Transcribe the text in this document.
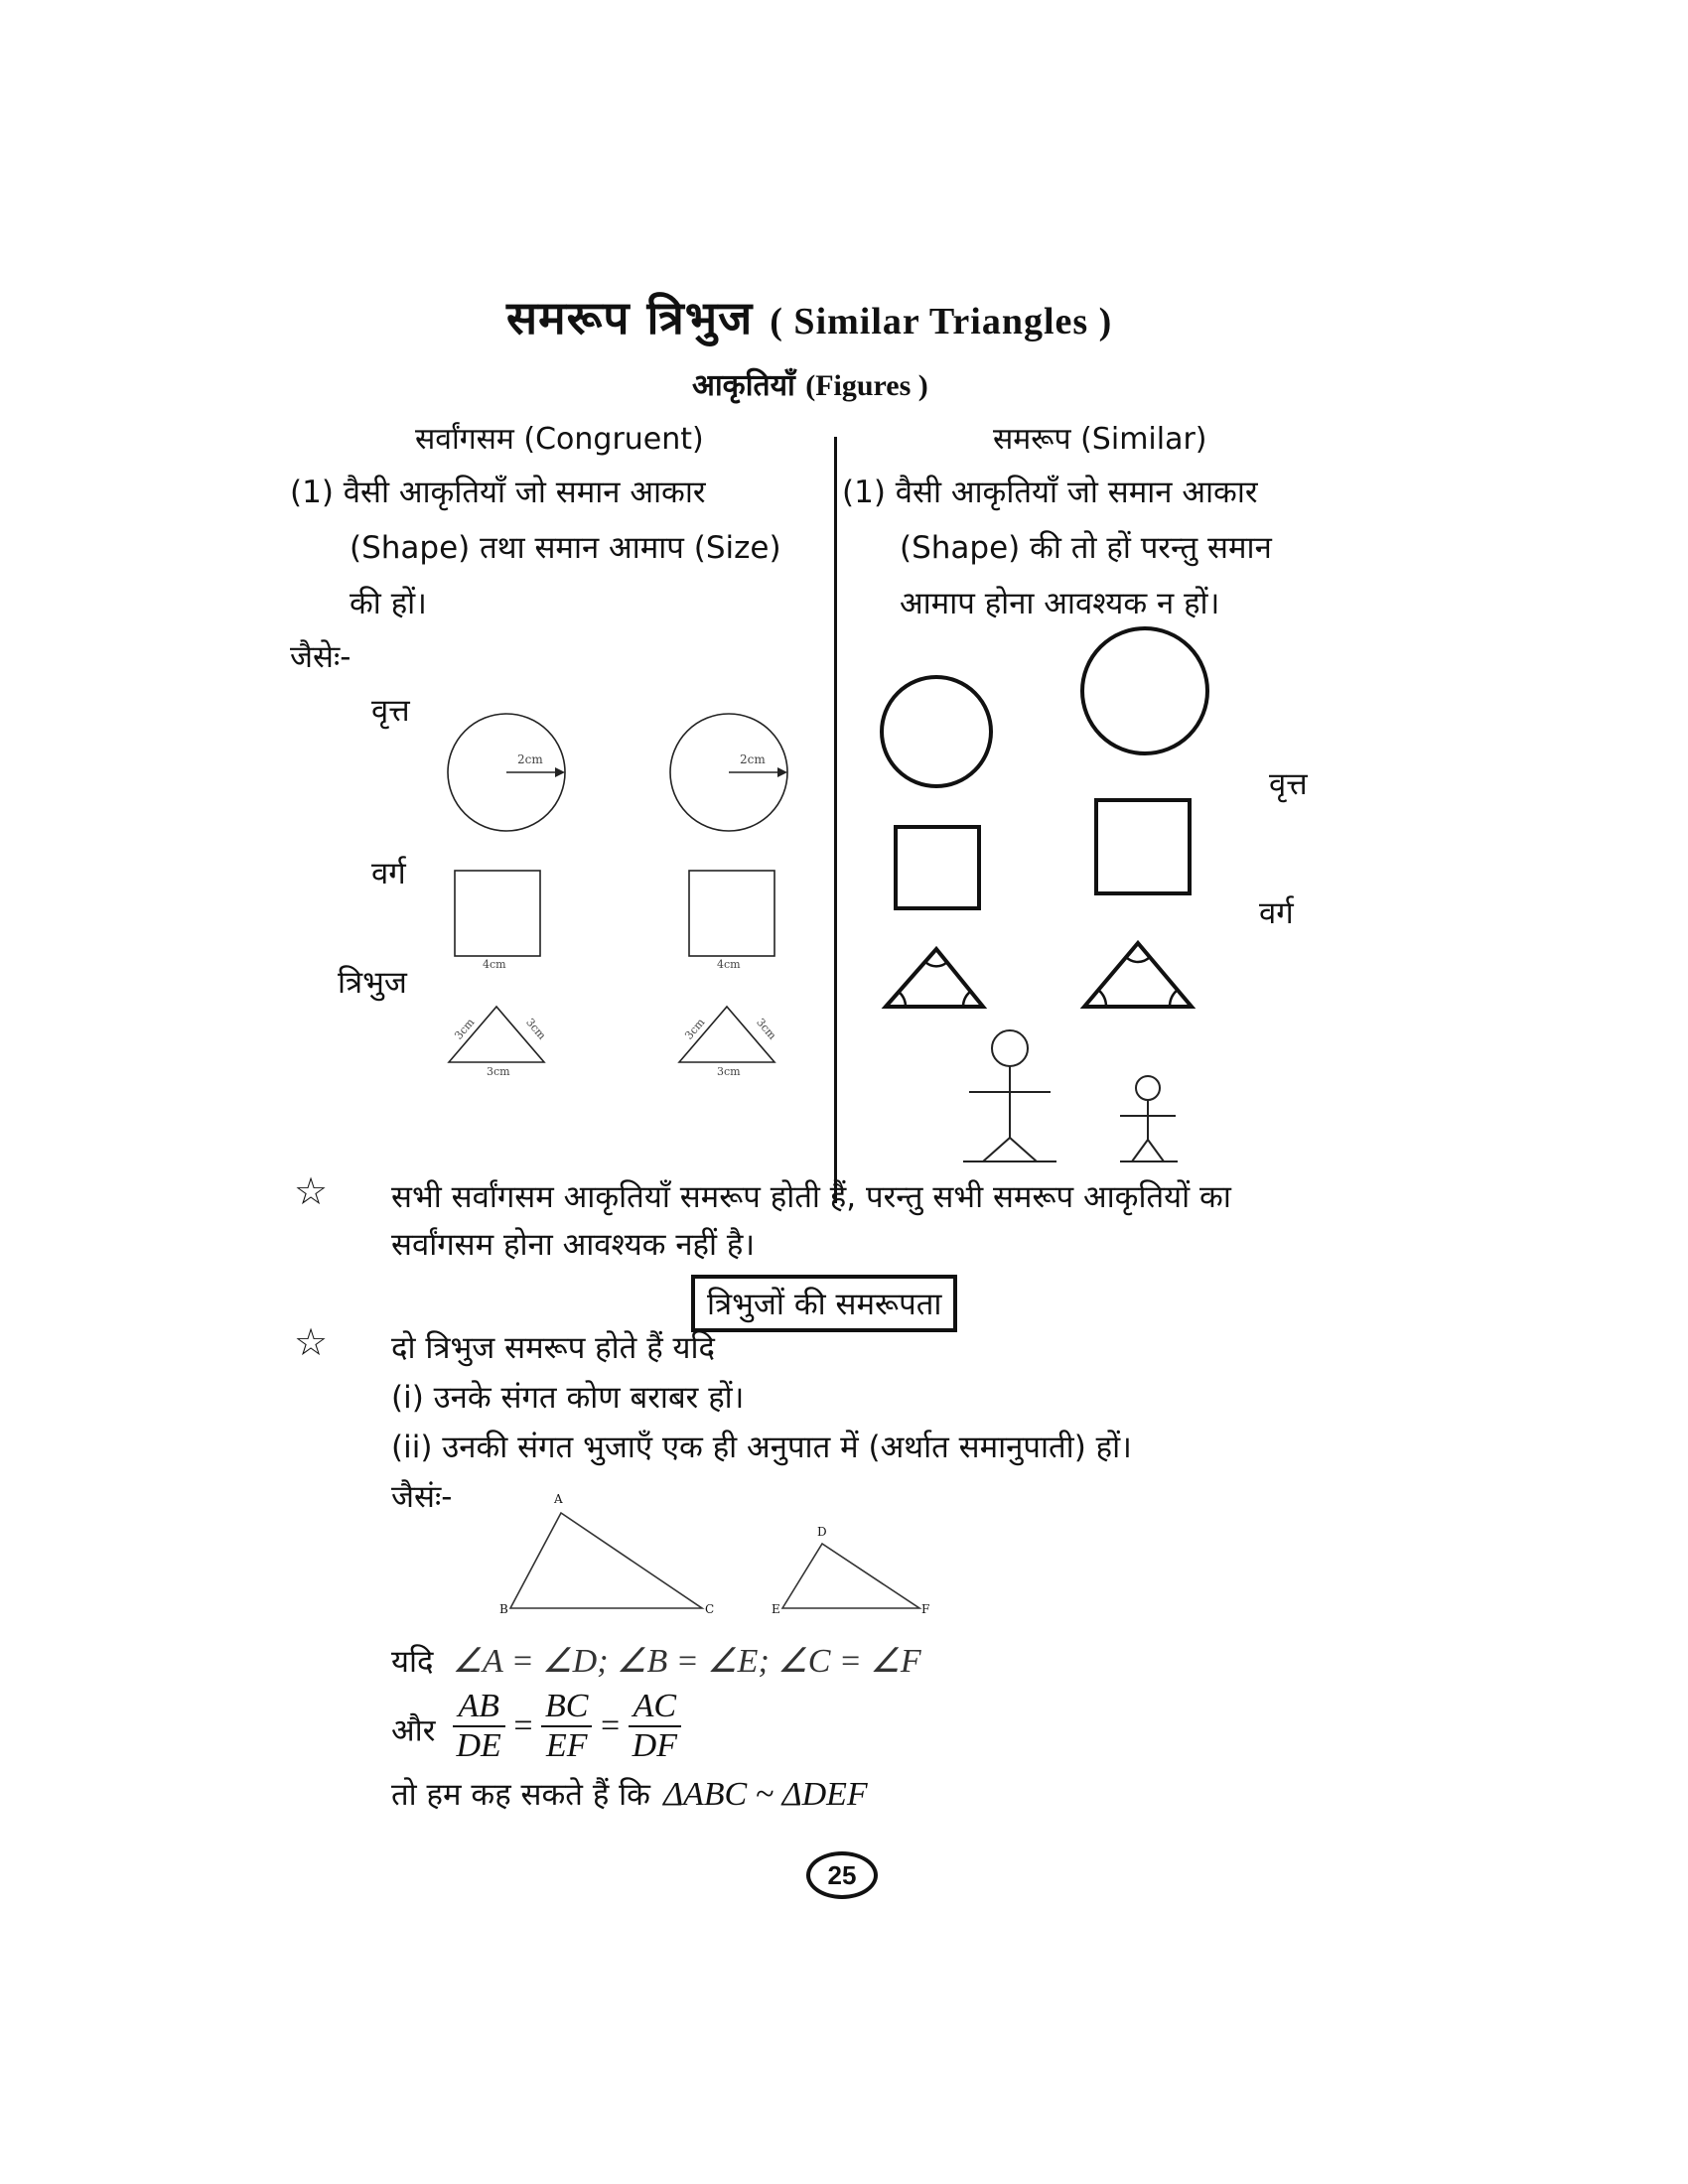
समरूप त्रिभुज ( Similar Triangles )
आकृतियाँ (Figures )
सर्वांगसम (Congruent)	समरूप (Similar)
(1) वैसी आकृतियाँ जो समान आकार
(Shape) तथा समान आमाप (Size)
की हों।
(1) वैसी आकृतियाँ जो समान आकार
(Shape) की तो हों परन्तु समान
आमाप होना आवश्यक न हों।
जैसेः-
वृत्त
वर्ग
त्रिभुज
वृत्त
वर्ग
2cm	2cm
4cm	4cm
3cm	3cm
3cm	3cm	3cm	3cm
☆ सभी सर्वांगसम आकृतियाँ समरूप होती हैं, परन्तु सभी समरूप आकृतियों का
सर्वांगसम होना आवश्यक नहीं है।
त्रिभुजों की समरूपता
☆ दो त्रिभुज समरूप होते हैं यदि
(i) उनके संगत कोण बराबर हों।
(ii) उनकी संगत भुजाएँ एक ही अनुपात में (अर्थात समानुपाती) हों।
जैसंः-	A
B	C
D
E	F
यदि ∠A = ∠D; ∠B = ∠E; ∠C = ∠F
और $\frac{AB}{DE} = \frac{BC}{EF} = \frac{AC}{DF}$
तो हम कह सकते हैं कि ΔABC ~ ΔDEF
25
